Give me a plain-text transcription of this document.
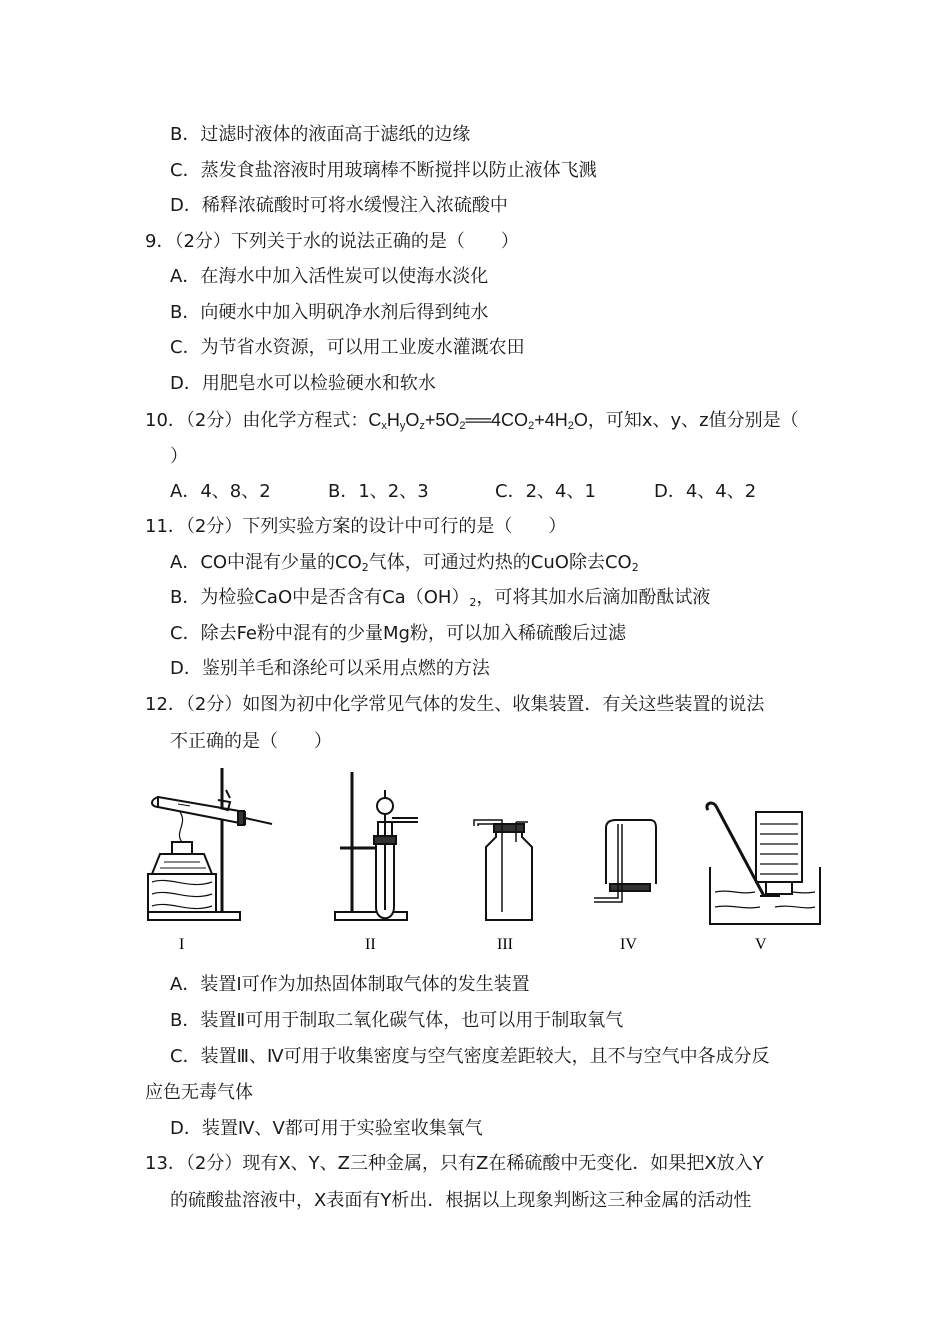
B．过滤时液体的液面高于滤纸的边缘
C．蒸发食盐溶液时用玻璃棒不断搅拌以防止液体飞溅
D．稀释浓硫酸时可将水缓慢注入浓硫酸中
9．（2分）下列关于水的说法正确的是（　　）
A．在海水中加入活性炭可以使海水淡化
B．向硬水中加入明矾净水剂后得到纯水
C．为节省水资源，可以用工业废水灌溉农田
D．用肥皂水可以检验硬水和软水
10．（2分）由化学方程式：$C_xH_yO_z+5O_2══4CO_2+4H_2O$，可知x、y、z值分别是（
）
A．4、8、2	B．1、2、3	C．2、4、1	D．4、4、2
11．（2分）下列实验方案的设计中可行的是（　　）
A．CO中混有少量的$CO_2$气体，可通过灼热的CuO除去$CO_2$
B．为检验CaO中是否含有$Ca(OH)_2$，可将其加水后滴加酚酞试液
C．除去Fe粉中混有的少量Mg粉，可以加入稀硫酸后过滤
D．鉴别羊毛和涤纶可以采用点燃的方法
12．（2分）如图为初中化学常见气体的发生、收集装置．有关这些装置的说法
不正确的是（　　）
I	II	III	IV	V
A．装置Ⅰ可作为加热固体制取气体的发生装置
B．装置Ⅱ可用于制取二氧化碳气体，也可以用于制取氧气
C．装置Ⅲ、Ⅳ可用于收集密度与空气密度差距较大，且不与空气中各成分反
应色无毒气体
D．装置Ⅳ、Ⅴ都可用于实验室收集氧气
13．（2分）现有X、Y、Z三种金属，只有Z在稀硫酸中无变化．如果把X放入Y
的硫酸盐溶液中，X表面有Y析出．根据以上现象判断这三种金属的活动性
